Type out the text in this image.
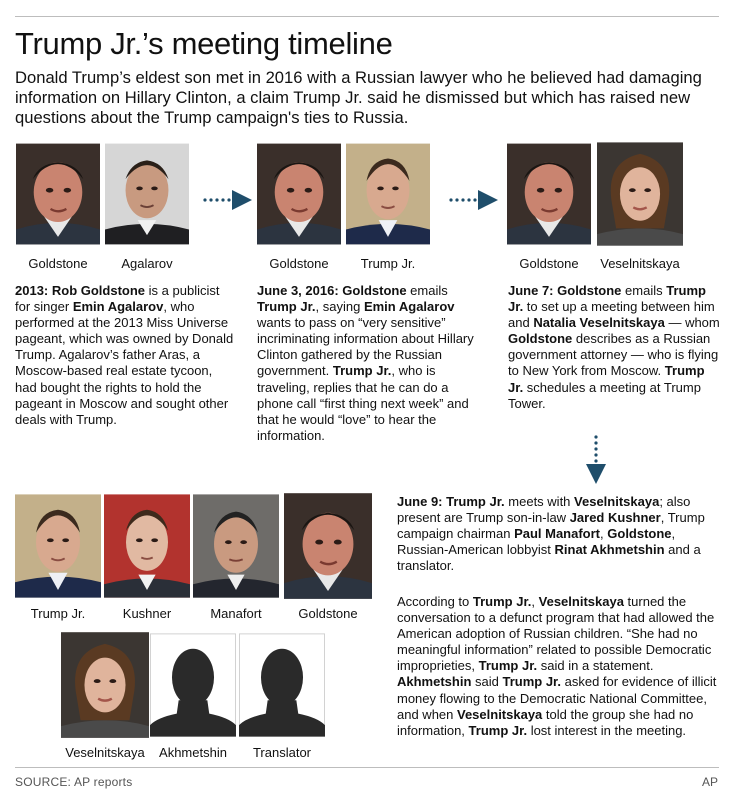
Trump Jr.’s meeting timeline
Donald Trump’s eldest son met in 2016 with a Russian lawyer who he believed had damaging information on Hillary Clinton, a claim Trump Jr. said he dismissed but which has raised new questions about the Trump campaign's ties to Russia.
Goldstone	Agalarov	Goldstone	Trump Jr.	Goldstone	Veselnitskaya
2013: Rob Goldstone is a publicist for singer Emin Agalarov, who performed at the 2013 Miss Universe pageant, which was owned by Donald Trump. Agalarov’s father Aras, a Moscow-based real estate tycoon, had bought the rights to hold the pageant in Moscow and sought other deals with Trump.
June 3, 2016: Goldstone emails Trump Jr., saying Emin Agalarov wants to pass on “very sensitive” incriminating information about Hillary Clinton gathered by the Russian government. Trump Jr., who is traveling, replies that he can do a phone call “first thing next week” and that he would “love” to hear the information.
June 7: Goldstone emails Trump Jr. to set up a meeting between him and Natalia Veselnitskaya — whom Goldstone describes as a Russian government attorney — who is flying to New York from Moscow. Trump Jr. schedules a meeting at Trump Tower.
Trump Jr.	Kushner	Manafort	Goldstone
Veselnitskaya	Akhmetshin	Translator
June 9: Trump Jr. meets with Veselnitskaya; also present are Trump son-in-law Jared Kushner, Trump campaign chairman Paul Manafort, Goldstone, Russian-American lobbyist Rinat Akhmetshin and a translator.
According to Trump Jr., Veselnitskaya turned the conversation to a defunct program that had allowed the American adoption of Russian children. “She had no meaningful information” related to possible Democratic improprieties, Trump Jr. said in a statement. Akhmetshin said Trump Jr. asked for evidence of illicit money flowing to the Democratic National Committee, and when Veselnitskaya told the group she had no information, Trump Jr. lost interest in the meeting.
SOURCE: AP reports	AP
